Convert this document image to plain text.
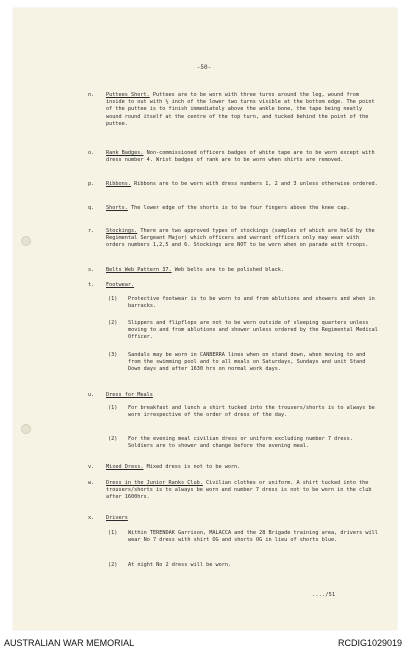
-50-
n. Puttees Short. Puttees are to be worn with three turns around the leg, wound from inside to out with ½ inch of the lower two turns visible at the bottom edge. The point of the puttee is to finish immediately above the ankle bone, the tape being neatly wound round itself at the centre of the top turn, and tucked behind the point of the puttee.
o. Rank Badges. Non-commissioned officers badges of white tape are to be worn except with dress number 4. Wrist badges of rank are to be worn when shirts are removed.
p. Ribbons. Ribbons are to be worn with dress numbers 1, 2 and 3 unless otherwise ordered.
q. Shorts. The lower edge of the shorts is to be four fingers above the knee cap.
r. Stockings. There are two approved types of stockings (samples of which are held by the Regimental Sergeant Major) which officers and warrant officers only may wear with orders numbers 1,2,5 and 6. Stockings are NOT to be worn when on parade with troops.
s. Belts Web Pattern 37. Web belts are to be polished black.
t. Footwear.
(1) Protective footwear is to be worn to and from ablutions and showers and when in barracks.
(2) Slippers and flipflops are not to be worn outside of sleeping quarters unless moving to and from ablutions and shower unless ordered by the Regimental Medical Officer.
(3) Sandals may be worn in CANBERRA lines when on stand down, when moving to and from the swimming pool and to all meals on Saturdays, Sundays and unit Stand Down days and after 1630 hrs on normal work days.
u. Dress for Meals
(1) For breakfast and lunch a shirt tucked into the trousers/shorts is to always be worn irrespective of the order of dress of the day.
(2) For the evening meal civilian dress or uniform excluding number 7 dress. Soldiers are to shower and change before the evening meal.
v. Mixed Dress. Mixed dress is not to be worn.
w. Dress in the Junior Ranks Club. Civilian clothes or uniform. A shirt tucked into the trousers/shorts is to always be worn and number 7 dress is not to be worn in the club after 1600hrs.
x. Drivers
(1) Within TERENDAK Garrison, MALACCA and the 28 Brigade training area, drivers will wear No 7 dress with shirt OG and shorts OG in lieu of shorts blue.
(2) At night No 2 dress will be worn.
..../51
AUSTRALIAN WAR MEMORIAL	RCDIG1029019
